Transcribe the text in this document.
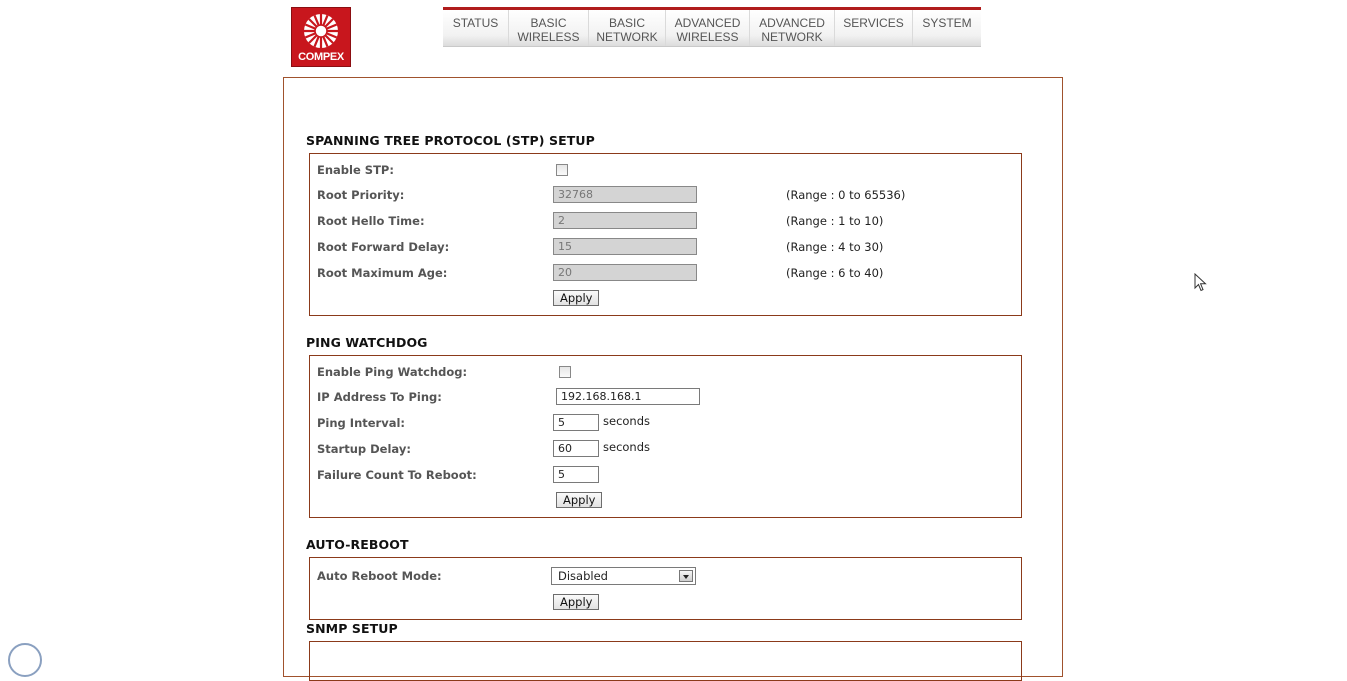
COMPEX
STATUS	BASIC
WIRELESS
BASIC
NETWORK
ADVANCED
WIRELESS
ADVANCED
NETWORK
SERVICES	SYSTEM
SPANNING TREE PROTOCOL (STP) SETUP
Enable STP:
Root Priority:	32768	(Range : 0 to 65536)
Root Hello Time:	2	(Range : 1 to 10)
Root Forward Delay:	15	(Range : 4 to 30)
Root Maximum Age:	20	(Range : 6 to 40)
Apply
PING WATCHDOG
Enable Ping Watchdog:
IP Address To Ping:	192.168.168.1
Ping Interval:	5	seconds
Startup Delay:	60	seconds
Failure Count To Reboot:	5
Apply
AUTO-REBOOT
Auto Reboot Mode:	Disabled
Apply
SNMP SETUP
